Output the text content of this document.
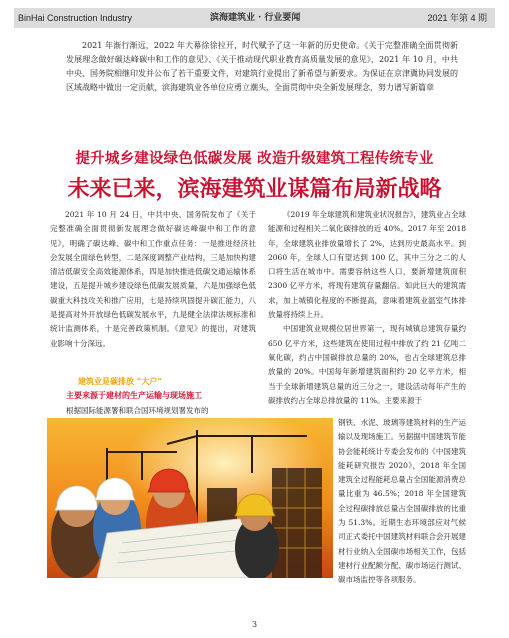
BinHai Construction Industry	滨海建筑业 · 行业要闻	2021 年第 4 期
2021 年渐行渐远，2022 年大幕徐徐拉开，时代赋予了这一年新的历史使命。《关于完整准确全面贯彻新发展理念做好碳达峰碳中和工作的意见》、《关于推动现代职业教育高质量发展的意见》，2021 年 10 月，中共中央、国务院相继印发并公布了若干重要文件，对建筑行业提出了新希望与新要求。为保证在京津冀协同发展的区域战略中做出一定贡献，滨海建筑业各单位应勇立潮头，全面贯彻中央全新发展理念，努力谱写新篇章
提升城乡建设绿色低碳发展 改造升级建筑工程传统专业
未来已来，滨海建筑业谋篇布局新战略

2021 年 10 月 24 日，中共中央、国务院发布了《关于完整准确全面贯彻新发展理念做好碳达峰碳中和工作的意见》，明确了碳达峰、碳中和工作重点任务：一是推进经济社会发展全面绿色转型，二是深度调整产业结构，三是加快构建清洁低碳安全高效能源体系，四是加快推进低碳交通运输体系建设，五是提升城乡建设绿色低碳发展质量，六是加强绿色低碳重大科技攻关和推广应用，七是持续巩固提升碳汇能力，八是提高对外开放绿色低碳发展水平，九是健全法律法规标准和统计监测体系，十是完善政策机制。《意见》的提出，对建筑业影响十分深远。

建筑业是碳排放 “大户”
主要来源于建材的生产运输与现场施工
根据国际能源署和联合国环境规划署发布的

《2019 年全球建筑和建筑业状况报告》，建筑业占全球能源和过程相关二氧化碳排放的近 40%。2017 年至 2018 年，全球建筑业排放量增长了 2%，达到历史最高水平。到 2060 年，全球人口有望达到 100 亿，其中三分之二的人口将生活在城市中。需要容纳这些人口，要新增建筑面积 2300 亿平方米，将现有建筑存量翻倍。如此巨大的建筑需求，加上城镇化程度的不断提高，意味着建筑业温室气体排放量将持续上升。

中国建筑业规模位居世界第一，现有城镇总建筑存量约 650 亿平方米，这些建筑在使用过程中排放了约 21 亿吨二氧化碳，约占中国碳排放总量的 20%，也占全球建筑总排放量的 20%。中国每年新增建筑面积约 20 亿平方米，相当于全球新增建筑总量的近三分之一，建设活动每年产生的碳排放约占全球总排放量的 11%。主要来源于

钢铁、水泥、玻璃等建筑材料的生产运输以及现场施工。另据据中国建筑节能协会能耗统计专委会发布的《中国建筑能耗研究报告 2020》，2018 年全国建筑全过程能耗总量占全国能源消费总量比重为 46.5%；2018 年全国建筑全过程碳排放总量占全国碳排放的比重为 51.3%。近期生态环境部应对气候司正式委托中国建筑材料联合会开展建材行业纳入全国碳市场相关工作，包括建材行业配额分配、碳市场运行测试、碳市场监控等各项服务。

3
